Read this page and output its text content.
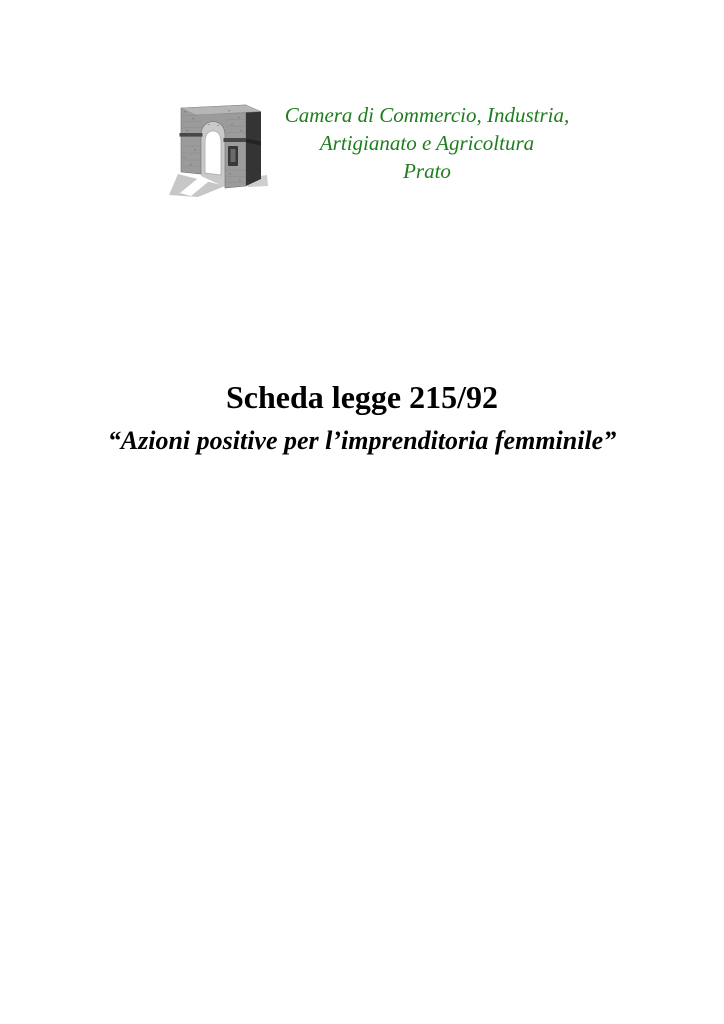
Camera di Commercio, Industria,
Artigianato e Agricoltura
Prato
Scheda legge 215/92
“Azioni positive per l’imprenditoria femminile”
